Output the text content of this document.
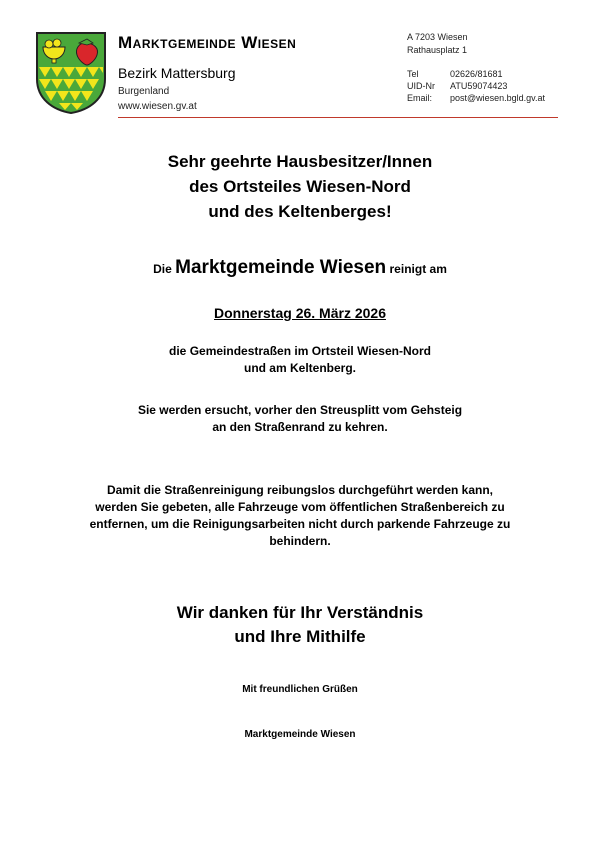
Marktgemeinde Wiesen
Bezirk Mattersburg
Burgenland
www.wiesen.gv.at
A 7203 Wiesen
Rathausplatz 1
Tel	02626/81681
UID-Nr	ATU59074423
Email:	post@wiesen.bgld.gv.at
Sehr geehrte Hausbesitzer/Innen
des Ortsteiles Wiesen-Nord
und des Keltenberges!
Die Marktgemeinde Wiesen reinigt am
Donnerstag 26. März 2026
die Gemeindestraßen im Ortsteil Wiesen-Nord
und am Keltenberg.
Sie werden ersucht, vorher den Streusplitt vom Gehsteig
an den Straßenrand zu kehren.
Damit die Straßenreinigung reibungslos durchgeführt werden kann,
werden Sie gebeten, alle Fahrzeuge vom öffentlichen Straßenbereich zu
entfernen, um die Reinigungsarbeiten nicht durch parkende Fahrzeuge zu
behindern.
Wir danken für Ihr Verständnis
und Ihre Mithilfe
Mit freundlichen Grüßen
Marktgemeinde Wiesen
